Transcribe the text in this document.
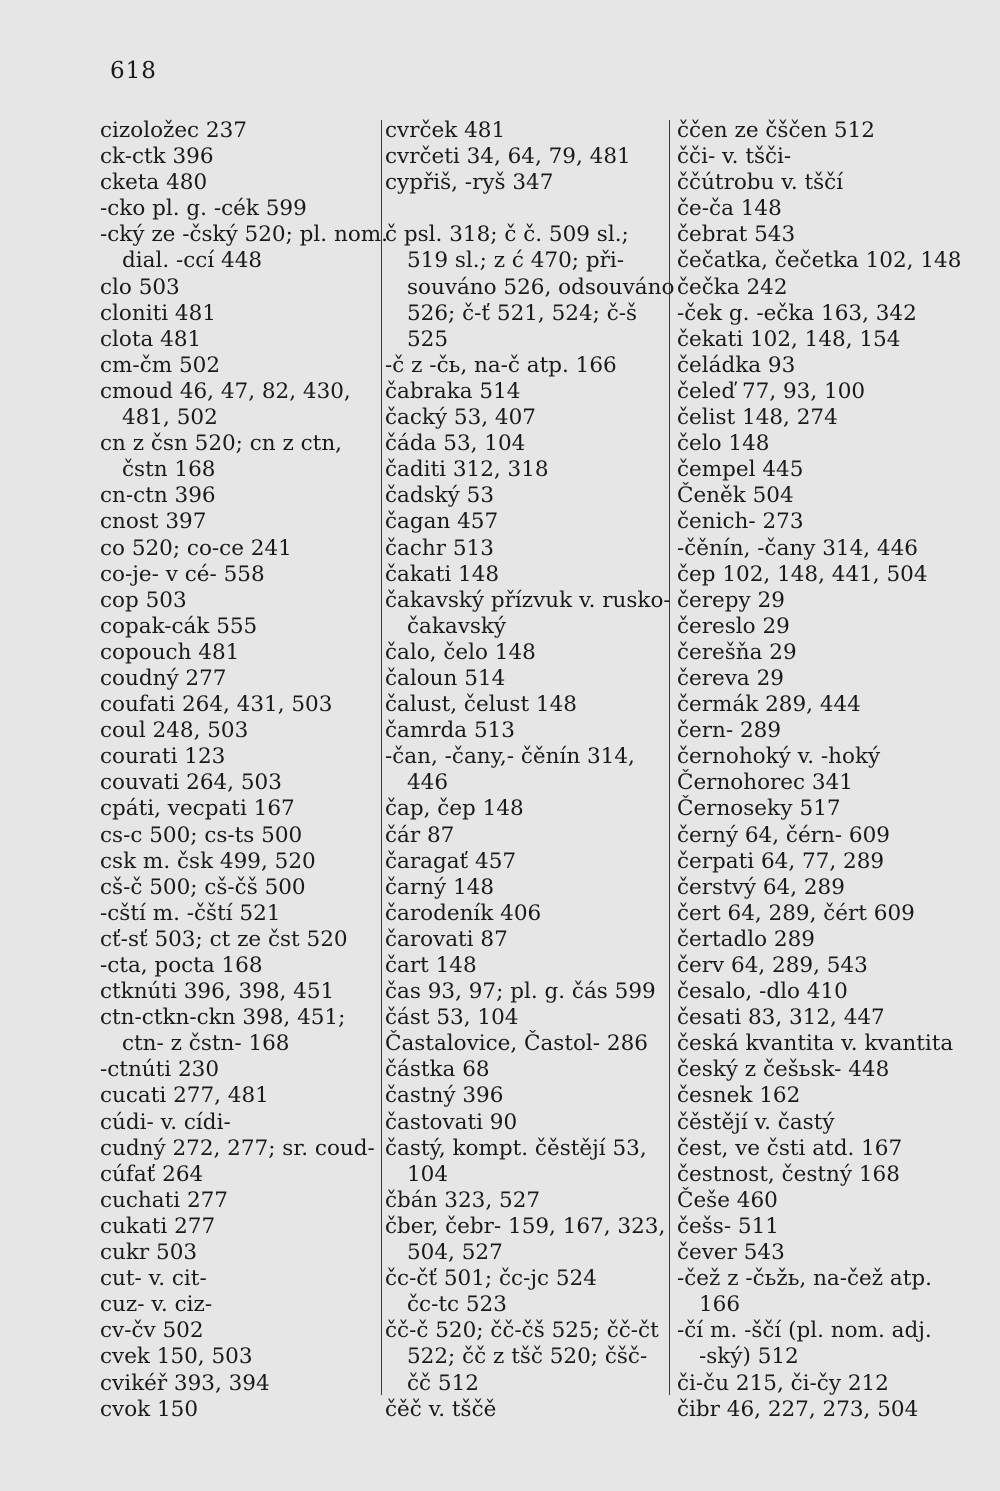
618
cizoložec 237
ck-ctk 396
cketa 480
-cko pl. g. -cék 599
-cký ze -čský 520; pl. nom.
dial. -ccí 448
clo 503
cloniti 481
clota 481
cm-čm 502
cmoud 46, 47, 82, 430,
481, 502
cn z čsn 520; cn z ctn,
čstn 168
cn-ctn 396
cnost 397
co 520; co-ce 241
co-je- v cé- 558
cop 503
copak-cák 555
copouch 481
coudný 277
coufati 264, 431, 503
coul 248, 503
courati 123
couvati 264, 503
cpáti, vecpati 167
cs-c 500; cs-ts 500
csk m. čsk 499, 520
cš-č 500; cš-čš 500
-cští m. -čští 521
cť-sť 503; ct ze čst 520
-cta, pocta 168
ctknúti 396, 398, 451
ctn-ctkn-ckn 398, 451;
ctn- z čstn- 168
-ctnúti 230
cucati 277, 481
cúdi- v. cídi-
cudný 272, 277; sr. coud-
cúfať 264
cuchati 277
cukati 277
cukr 503
cut- v. cit-
cuz- v. ciz-
cv-čv 502
cvek 150, 503
cvikéř 393, 394
cvok 150
cvrček 481
cvrčeti 34, 64, 79, 481
cypřiš, -ryš 347

č psl. 318; č č. 509 sl.;
519 sl.; z ć 470; při-
souváno 526, odsouváno
526; č-ť 521, 524; č-š
525
-č z -čь, na-č atp. 166
čabraka 514
čacký 53, 407
čáda 53, 104
čaditi 312, 318
čadský 53
čagan 457
čachr 513
čakati 148
čakavský přízvuk v. rusko-
čakavský
čalo, čelo 148
čaloun 514
čalust, čelust 148
čamrda 513
-čan, -čany,- čěnín 314,
446
čap, čep 148
čár 87
čaragať 457
čarný 148
čarodeník 406
čarovati 87
čart 148
čas 93, 97; pl. g. čás 599
část 53, 104
Častalovice, Častol- 286
částka 68
častný 396
častovati 90
častý, kompt. čěstějí 53,
104
čbán 323, 527
čber, čebr- 159, 167, 323,
504, 527
čc-čť 501; čc-jc 524
čc-tc 523
čč-č 520; čč-čš 525; čč-čt
522; čč z tšč 520; čšč-
čč 512
čěč v. tščě
ččen ze čščen 512
čči- v. tšči-
ččútrobu v. tščí
če-ča 148
čebrat 543
čečatka, čečetka 102, 148
čečka 242
-ček g. -ečka 163, 342
čekati 102, 148, 154
čeládka 93
čeleď 77, 93, 100
čelist 148, 274
čelo 148
čempel 445
Čeněk 504
čenich- 273
-čěnín, -čany 314, 446
čep 102, 148, 441, 504
čerepy 29
čereslo 29
čerešňa 29
čereva 29
čermák 289, 444
čern- 289
černohoký v. -hoký
Černohorec 341
Černosekу 517
černý 64, čérn- 609
čerpati 64, 77, 289
čerstvý 64, 289
čert 64, 289, čért 609
čertadlo 289
červ 64, 289, 543
česalo, -dlo 410
česati 83, 312, 447
česká kvantita v. kvantita
český z češьsk- 448
česnek 162
čěstějí v. častý
čest, ve čsti atd. 167
čestnost, čestný 168
Češe 460
češs- 511
čever 543
-čež z -čьžь, na-čež atp.
166
-čí m. -ščí (pl. nom. adj.
-ský) 512
či-ču 215, či-čy 212
čibr 46, 227, 273, 504
